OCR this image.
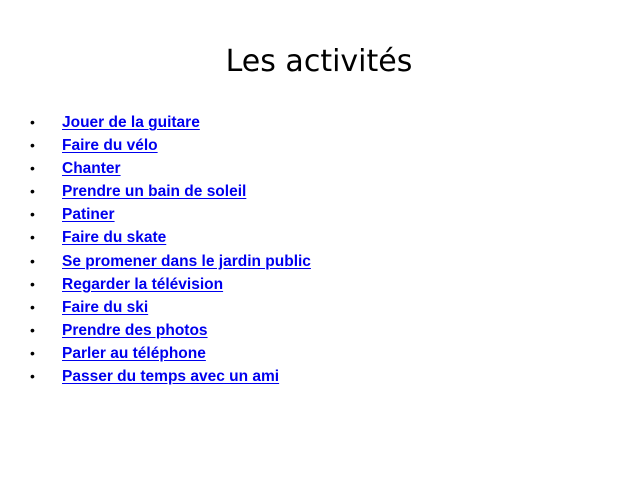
Les activités
• Jouer de la guitare
• Faire du vélo
• Chanter
• Prendre un bain de soleil
• Patiner
• Faire du skate
• Se promener dans le jardin public
• Regarder la télévision
• Faire du ski
• Prendre des photos
• Parler au téléphone
• Passer du temps avec un ami
